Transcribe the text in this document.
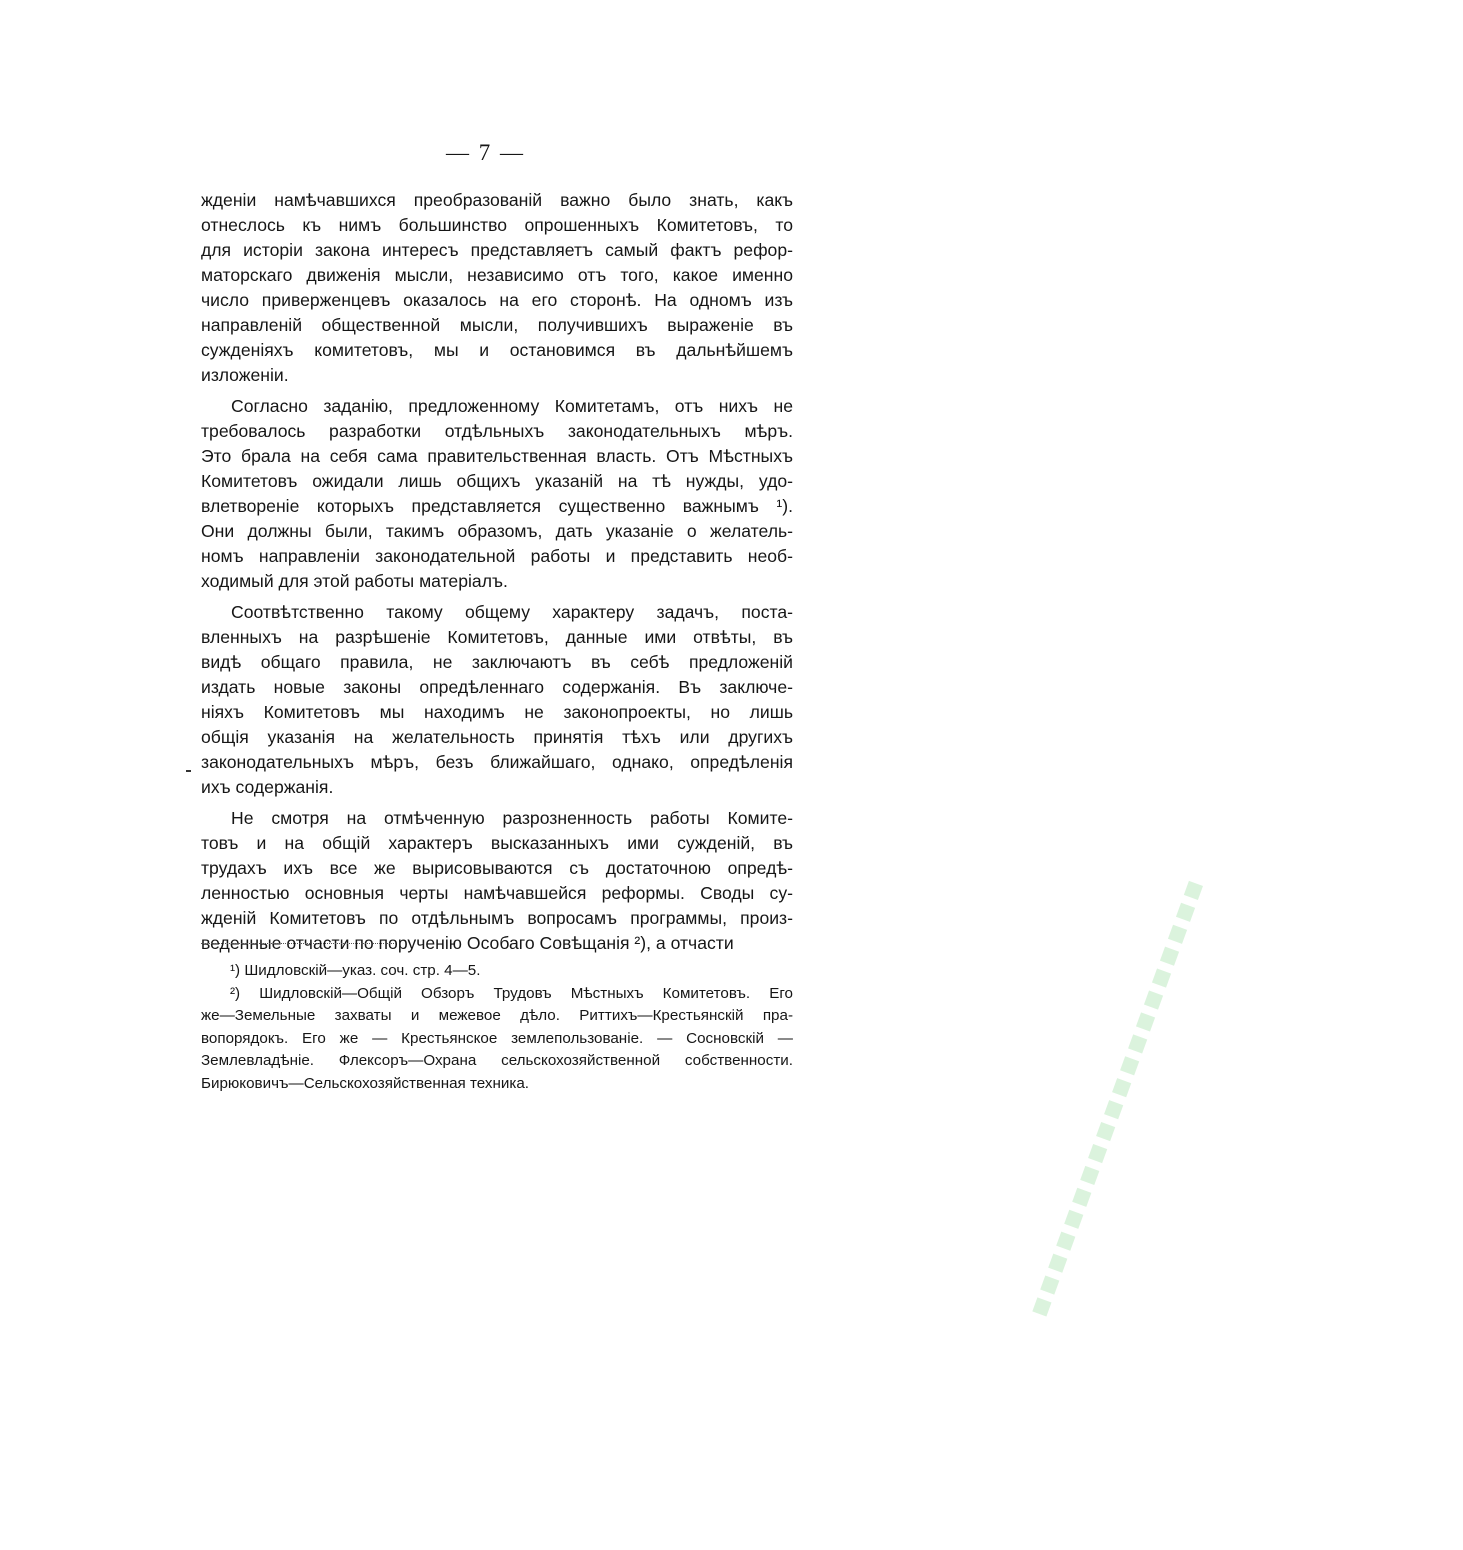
— 7 —
жденіи намѣчавшихся преобразованій важно было знать, какъ
отнеслось къ нимъ большинство опрошенныхъ Комитетовъ, то
для исторіи закона интересъ представляетъ самый фактъ рефор-
маторскаго движенія мысли, независимо отъ того, какое именно
число приверженцевъ оказалось на его сторонѣ. На одномъ изъ
направленій общественной мысли, получившихъ выраженіе въ
сужденіяхъ комитетовъ, мы и остановимся въ дальнѣйшемъ
изложеніи.
Согласно заданію, предложенному Комитетамъ, отъ нихъ не
требовалось разработки отдѣльныхъ законодательныхъ мѣръ.
Это брала на себя сама правительственная власть. Отъ Мѣстныхъ
Комитетовъ ожидали лишь общихъ указаній на тѣ нужды, удо-
влетвореніе которыхъ представляется существенно важнымъ ¹).
Они должны были, такимъ образомъ, дать указаніе о желатель-
номъ направленіи законодательной работы и представить необ-
ходимый для этой работы матеріалъ.
Соотвѣтственно такому общему характеру задачъ, поста-
вленныхъ на разрѣшеніе Комитетовъ, данные ими отвѣты, въ
видѣ общаго правила, не заключаютъ въ себѣ предложеній
издать новые законы опредѣленнаго содержанія. Въ заключе-
ніяхъ Комитетовъ мы находимъ не законопроекты, но лишь
общія указанія на желательность принятія тѣхъ или другихъ
законодательныхъ мѣръ, безъ ближайшаго, однако, опредѣленія
ихъ содержанія.
Не смотря на отмѣченную разрозненность работы Комите-
товъ и на общій характеръ высказанныхъ ими сужденій, въ
трудахъ ихъ все же вырисовываются съ достаточною опредѣ-
ленностью основныя черты намѣчавшейся реформы. Своды су-
жденій Комитетовъ по отдѣльнымъ вопросамъ программы, произ-
веденные отчасти по порученію Особаго Совѣщанія ²), а отчасти
¹) Шидловскій—указ. соч. стр. 4—5.
²) Шидловскій—Общій Обзоръ Трудовъ Мѣстныхъ Комитетовъ. Его
же—Земельные захваты и межевое дѣло. Риттихъ—Крестьянскій пра-
вопорядокъ. Его же — Крестьянское землепользованіе. — Сосновскій —
Землевладѣніе. Флексоръ—Охрана сельскохозяйственной собственности.
Бирюковичъ—Сельскохозяйственная техника.	▪▪▪▪▪▪▪▪▪▪▪▪▪▪▪▪▪▪▪▪
